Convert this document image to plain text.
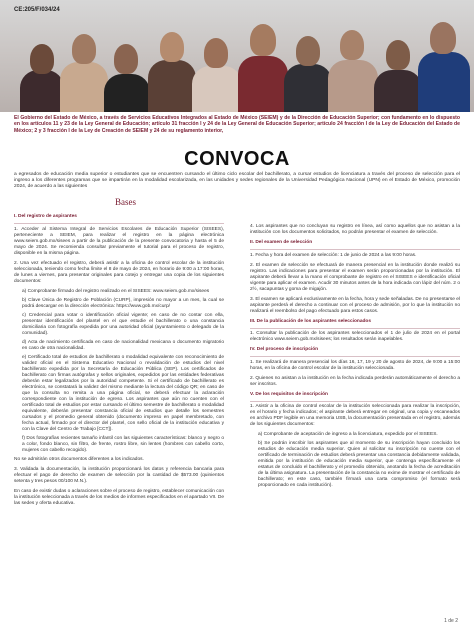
CE:205/F/034/24
El Gobierno del Estado de México, a través de Servicios Educativos Integrados al Estado de México (SEIEM) y de la Dirección de Educación Superior; con fundamento en lo dispuesto en los artículos 11 y 23 de la Ley General de Educación; artículo 31 fracción I y 24 de la Ley General de Educación Superior; artículo 24 fracción I de la Ley de Educación del Estado de México; 2 y 3 fracción I de la Ley de Creación de SEIEM y 24 de su reglamento interior,
CONVOCA
a egresados de educación media superior o estudiantes que se encuentren cursando el último ciclo escolar del bachillerato, a cursar estudios de licenciatura a través del proceso de selección para el ingreso a los diferentes programas que se impartirán en la modalidad escolarizada, en las unidades y sedes regionales de la Universidad Pedagógica Nacional (UPN) en el Estado de México, promoción 2024, de acuerdo a las siguientes
Bases
I. Del registro de aspirantes
1. Acceder al Sistema Integral de Servicios Escolares de Educación Superior (SISEES), perteneciente a SEIEM, para realizar el registro en la página electrónica www.seiem.gob.mx/sisees a partir de la publicación de la presente convocatoria y hasta el 5 de mayo de 2024. Se recomienda consultar previamente el tutorial para el proceso de registro, disponible en la misma página.
2. Una vez efectuado el registro, deberá asistir a la oficina de control escolar de la institución seleccionada, teniendo como fecha límite el 8 de mayo de 2024, en horario de 9:00 a 17:00 horas, de lunes a viernes, para presentar originales para cotejo y entregar una copia de los siguientes documentos:
a) Comprobante firmado del registro realizado en el SISEES: www.seiem.gob.mx/sisees
b) Clave Única de Registro de Población (CURP), impresión no mayor a un mes, la cual se podrá descargar en la dirección electrónica: https://www.gob.mx/curp/
c) Credencial para votar o identificación oficial vigente; en caso de no contar con ella, presentar identificación del plantel en el que estudie el bachillerato o una constancia domiciliaria con fotografía expedida por una autoridad oficial (ayuntamiento o delegado de la comunidad).
d) Acta de nacimiento certificada en caso de nacionalidad mexicana o documento migratorio en caso de otra nacionalidad.
e) Certificado total de estudios de bachillerato o modalidad equivalente con reconocimiento de validez oficial en el Sistema Educativo Nacional o revalidación de estudios del nivel bachillerato expedida por la Secretaría de Educación Pública (SEP). Los certificados de bachillerato con firmas autógrafas y sellos originales, expedidos por las entidades federativas deberán estar legalizados por la autoridad competente. Si el certificado de bachillerato es electrónico, se constatará la validez del mismo mediante la lectura del código QR; en caso de que la consulta no remita a una página oficial, se deberá efectuar la aclaración correspondiente con la institución de egreso. Los aspirantes que aún no cuenten con el certificado total de estudios por estar cursando el último semestre de bachillerato o modalidad equivalente, deberán presentar constancia oficial de estudios que detalle los semestres cursados y el promedio general obtenido (documento impreso en papel membretado, con fecha actual, firmado por el director del plantel, con sello oficial de la institución educativa y con la Clave del Centro de Trabajo [CCT]).
f) Dos fotografías recientes tamaño infantil con las siguientes características: blanco y negro o a color, fondo blanco, sin filtro, de frente, rostro libre, sin lentes (hombres con cabello corto, mujeres con cabello recogido).
No se admitirán otros documentos diferentes a los indicados.
3. Validada la documentación, la institución proporcionará los datos y referencia bancaria para efectuar el pago de derecho de examen de selección por la cantidad de $573.00 (quinientos setenta y tres pesos 00/100 M.N.).
En caso de existir dudas o aclaraciones sobre el proceso de registro, establecer comunicación con la institución seleccionada a través de los medios de informes especificados en el apartado VII. De las sedes y oferta educativa.
4. Los aspirantes que no concluyan su registro en línea, así como aquellos que no asistan a la institución con los documentos solicitados, no podrán presentar el examen de selección.
II. Del examen de selección
1. Fecha y hora del examen de selección: 1 de junio de 2024 a las 9:00 horas.
2. El examen de selección se efectuará de manera presencial en la institución donde realizó su registro. Las indicaciones para presentar el examen serán proporcionadas por la institución. El aspirante deberá llevar a la mano el comprobante de registro en el SISEES e identificación oficial vigente para aplicar el examen. Acudir 30 minutos antes de la hora indicada con lápiz del núm. 2 o 2½, sacapuntas y goma de migajón.
3. El examen se aplicará exclusivamente en la fecha, hora y sede señaladas. De no presentarse el aspirante perderá el derecho a continuar con el proceso de admisión, por lo que la institución no realizará el reembolso del pago efectuado para estos casos.
III. De la publicación de los aspirantes seleccionados
1. Consultar la publicación de los aspirantes seleccionados el 1 de julio de 2024 en el portal electrónico www.seiem.gob.mx/sisees; los resultados serán inapelables.
IV. Del proceso de inscripción
1. Se realizará de manera presencial los días 16, 17, 19 y 20 de agosto de 2024, de 9:00 a 15:00 horas, en la oficina de control escolar de la institución seleccionada.
2. Quienes no asistan a la institución en la fecha indicada perderán automáticamente el derecho a ser inscritos.
V. De los requisitos de inscripción
1. Asistir a la oficina de control escolar de la institución seleccionada para realizar la inscripción, en el horario y fecha indicados; el aspirante deberá entregar en original, una copia y escaneados en archivo PDF legible en una memoria USB, la documentación presentada en el registro, además de los siguientes documentos:
a) Comprobante de aceptación de ingreso a la licenciatura, expedido por el SISEES.
b) Se podrán inscribir los aspirantes que al momento de su inscripción hayan concluido los estudios de educación media superior. Quien al solicitar su inscripción no cuente con el certificado de terminación de estudios deberá presentar una constancia debidamente validada, emitida por la institución de educación media superior, que contenga específicamente el estatus de concluido el bachillerato y el promedio obtenido, anotando la fecha de acreditación de la última asignatura. La presentación de la constancia no exime de mostrar el certificado de bachillerato; en este caso, también firmará una carta compromiso (el formato será proporcionado en cada institución).
1 de 2
